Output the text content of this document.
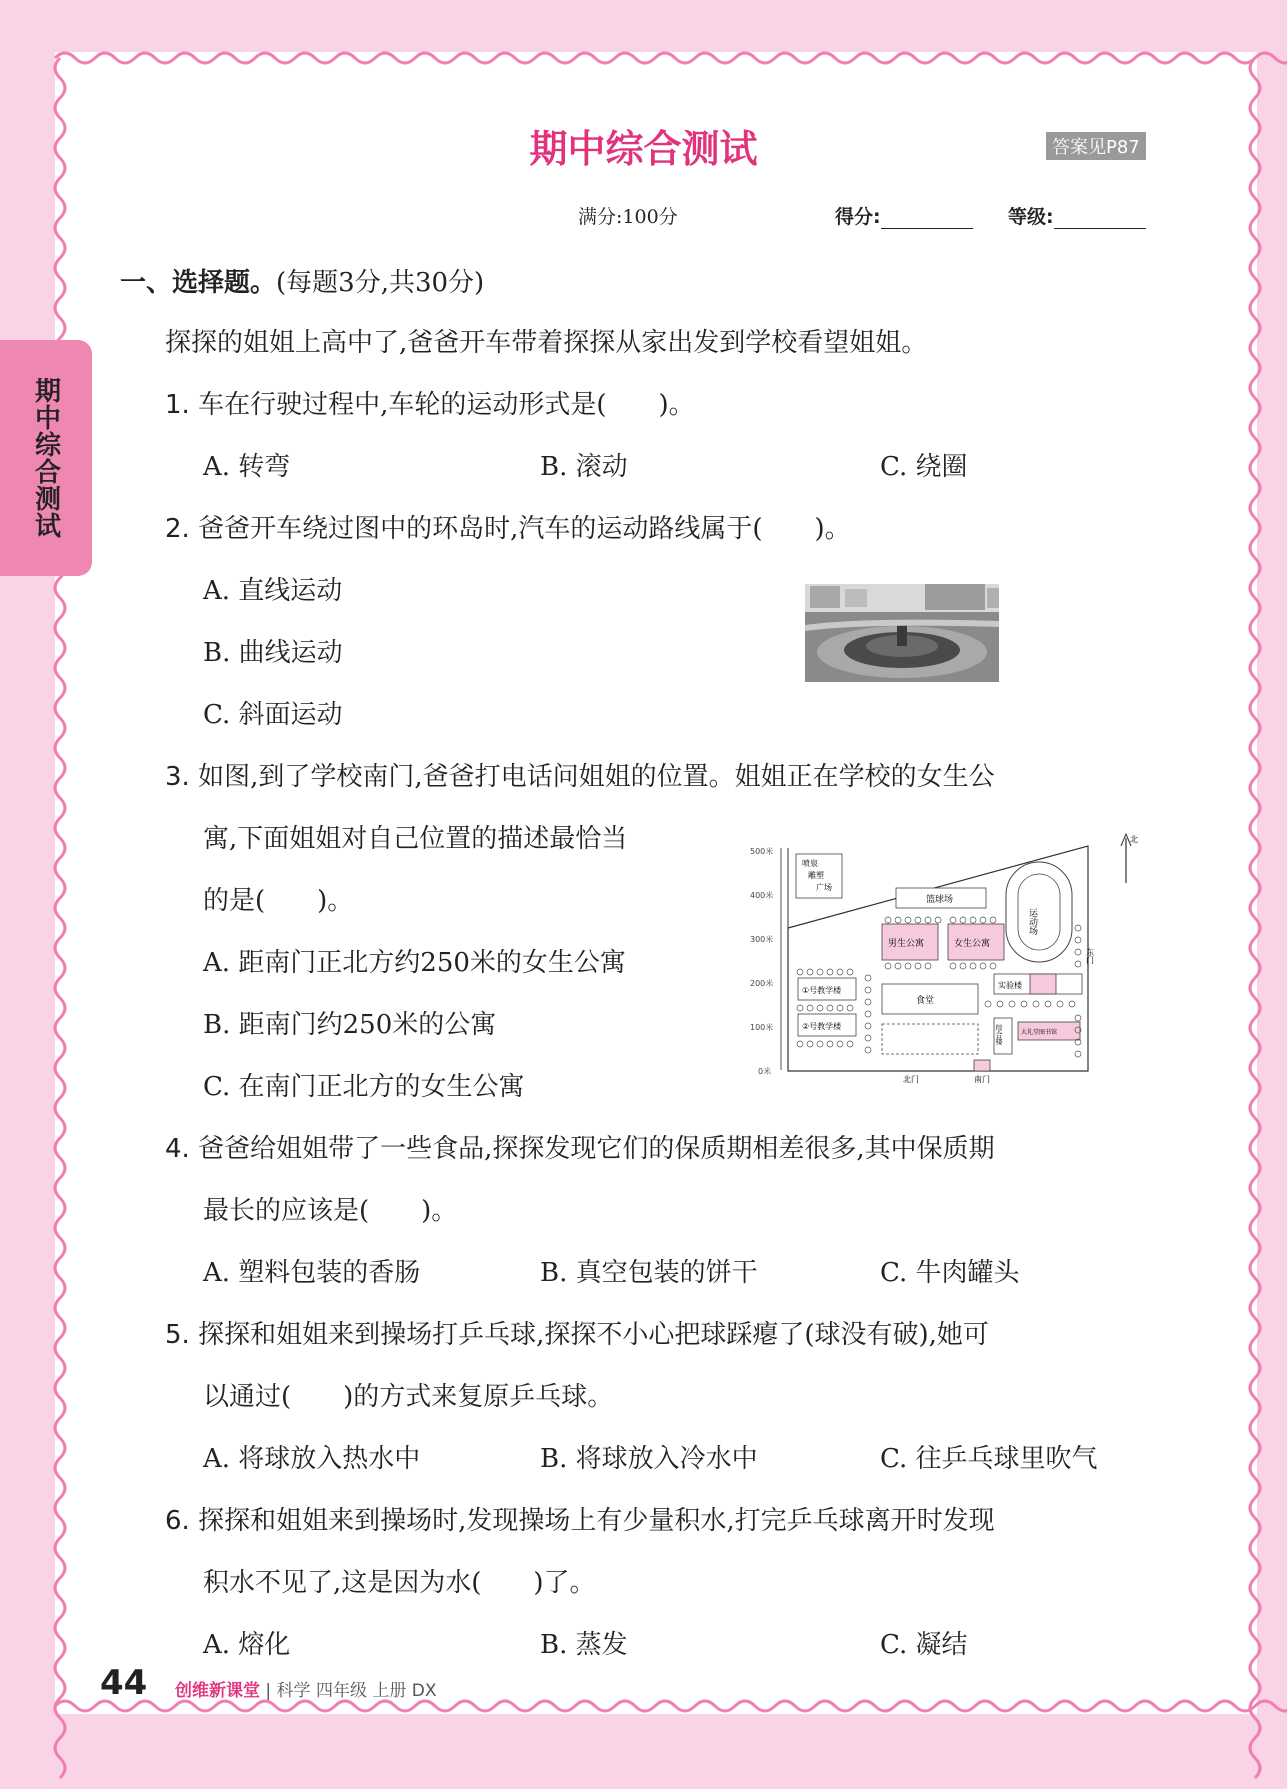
期中综合测试
期中综合测试	答案见P87
满分:100分	得分:	等级:
一、选择题。(每题3分,共30分)
探探的姐姐上高中了,爸爸开车带着探探从家出发到学校看望姐姐。
1. 车在行驶过程中,车轮的运动形式是(　　)。
A. 转弯	B. 滚动	C. 绕圈
2. 爸爸开车绕过图中的环岛时,汽车的运动路线属于(　　)。
A. 直线运动
B. 曲线运动
C. 斜面运动
3. 如图,到了学校南门,爸爸打电话问姐姐的位置。姐姐正在学校的女生公
寓,下面姐姐对自己位置的描述最恰当
的是(　　)。
A. 距南门正北方约250米的女生公寓
B. 距南门约250米的公寓
C. 在南门正北方的女生公寓
500米
400米
300米
200米
100米
0米
北
喷泉
雕塑
广场
篮球场
运动场
男生公寓	女生公寓
东门
①号教学楼
②号教学楼
食堂
实验楼
综合楼	大礼堂图书馆
北门	南门
4. 爸爸给姐姐带了一些食品,探探发现它们的保质期相差很多,其中保质期
最长的应该是(　　)。
A. 塑料包装的香肠	B. 真空包装的饼干	C. 牛肉罐头
5. 探探和姐姐来到操场打乒乓球,探探不小心把球踩瘪了(球没有破),她可
以通过(　　)的方式来复原乒乓球。
A. 将球放入热水中	B. 将球放入冷水中	C. 往乒乓球里吹气
6. 探探和姐姐来到操场时,发现操场上有少量积水,打完乒乓球离开时发现
积水不见了,这是因为水(　　)了。
A. 熔化	B. 蒸发	C. 凝结
44 创维新课堂 | 科学 四年级 上册 DX
